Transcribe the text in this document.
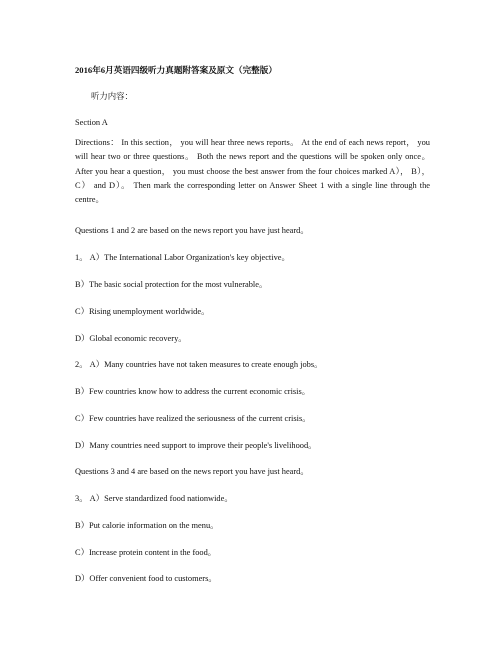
2016年6月英语四级听力真题附答案及原文（完整版）
听力内容：
Section A
Directions： In this section， you will hear three news reports。 At the end of each news report， you will hear two or three questions。 Both the news report and the questions will be spoken only once。 After you hear a question， you must choose the best answer from the four choices marked A）， B）， C） and D）。 Then mark the corresponding letter on Answer Sheet 1 with a single line through the centre。
Questions 1 and 2 are based on the news report you have just heard。
1。 A）The International Labor Organization's key objective。
B）The basic social protection for the most vulnerable。
C）Rising unemployment worldwide。
D）Global economic recovery。
2。 A）Many countries have not taken measures to create enough jobs。
B）Few countries know how to address the current economic crisis。
C）Few countries have realized the seriousness of the current crisis。
D）Many countries need support to improve their people's livelihood。
Questions 3 and 4 are based on the news report you have just heard。
3。 A）Serve standardized food nationwide。
B）Put calorie information on the menu。
C）Increase protein content in the food。
D）Offer convenient food to customers。
